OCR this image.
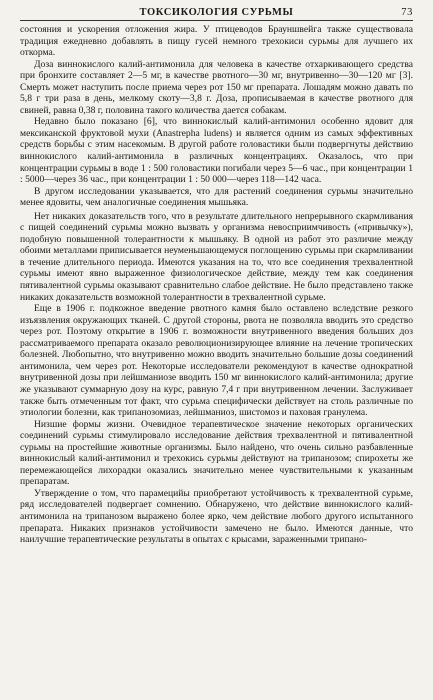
ТОКСИКОЛОГИЯ СУРЬМЫ	73

состояния и ускорения отложения жира. У птицеводов Брауншвейга также существовала традиция ежедневно добавлять в пищу гусей немного трехокиси сурьмы для лучшего их откорма.

Доза виннокислого калий-антимонила для человека в качестве отхаркивающего средства при бронхите составляет 2—5 мг, в качестве рвотного—30 мг, внутривенно—30—120 мг [3]. Смерть может наступить после приема через рот 150 мг препарата. Лошадям можно давать по 5,8 г три раза в день, мелкому скоту—3,8 г. Доза, прописываемая в качестве рвотного для свиней, равна 0,38 г, половина такого количества дается собакам.

Недавно было показано [6], что виннокислый калий-антимонил особенно ядовит для мексиканской фруктовой мухи (Anastrepha ludens) и является одним из самых эффективных средств борьбы с этим насекомым. В другой работе головастики были подвергнуты действию виннокислого калий-антимонила в различных концентрациях. Оказалось, что при концентрации сурьмы в воде 1 : 500 головастики погибали через 5—6 час., при концентрации 1 : 5000—через 36 час., при концентрации 1 : 50 000—через 118—142 часа.

В другом исследовании указывается, что для растений соединения сурьмы значительно менее ядовиты, чем аналогичные соединения мышьяка.

Нет никаких доказательств того, что в результате длительного непрерывного скармливания с пищей соединений сурьмы можно вызвать у организма невосприимчивость («привычку»), подобную повышенной толерантности к мышьяку. В одной из работ это различие между обоими металлами приписывается неуменьшающемуся поглощению сурьмы при скармливании в течение длительного периода. Имеются указания на то, что все соединения трехвалентной сурьмы имеют явно выраженное физиологическое действие, между тем как соединения пятивалентной сурьмы оказывают сравнительно слабое действие. Не было представлено также никаких доказательств возможной толерантности в трехвалентной сурьме.

Еще в 1906 г. подкожное введение рвотного камня было оставлено вследствие резкого изъязвления окружающих тканей. С другой стороны, рвота не позволяла вводить это средство через рот. Поэтому открытие в 1906 г. возможности внутривенного введения больших доз рассматриваемого препарата оказало революционизирующее влияние на лечение тропических болезней. Любопытно, что внутривенно можно вводить значительно большие дозы соединений антимонила, чем через рот. Некоторые исследователи рекомендуют в качестве однократной внутривенной дозы при лейшманиозе вводить 150 мг виннокислого калий-антимонила; другие же указывают суммарную дозу на курс, равную 7,4 г при внутривенном лечении. Заслуживает также быть отмеченным тот факт, что сурьма специфически действует на столь различные по этиологии болезни, как трипанозомиаз, лейшманиоз, шистомоз и паховая гранулема.

Низшие формы жизни. Очевидное терапевтическое значение некоторых органических соединений сурьмы стимулировало исследование действия трехвалентной и пятивалентной сурьмы на простейшие животные организмы. Было найдено, что очень сильно разбавленные виннокислый калий-антимонил и трехокись сурьмы действуют на трипанозом; спирохеты же перемежающейся лихорадки оказались значительно менее чувствительными к указанным препаратам.

Утверждение о том, что парамецийы приобретают устойчивость к трехвалентной сурьме, ряд исследователей подвергает сомнению. Обнаружено, что действие виннокислого калий-антимонила на трипанозом выражено более ярко, чем действие любого другого испытанного препарата. Никаких признаков устойчивости замечено не было. Имеются данные, что наилучшие терапевтические результаты в опытах с крысами, зараженными трипано-
